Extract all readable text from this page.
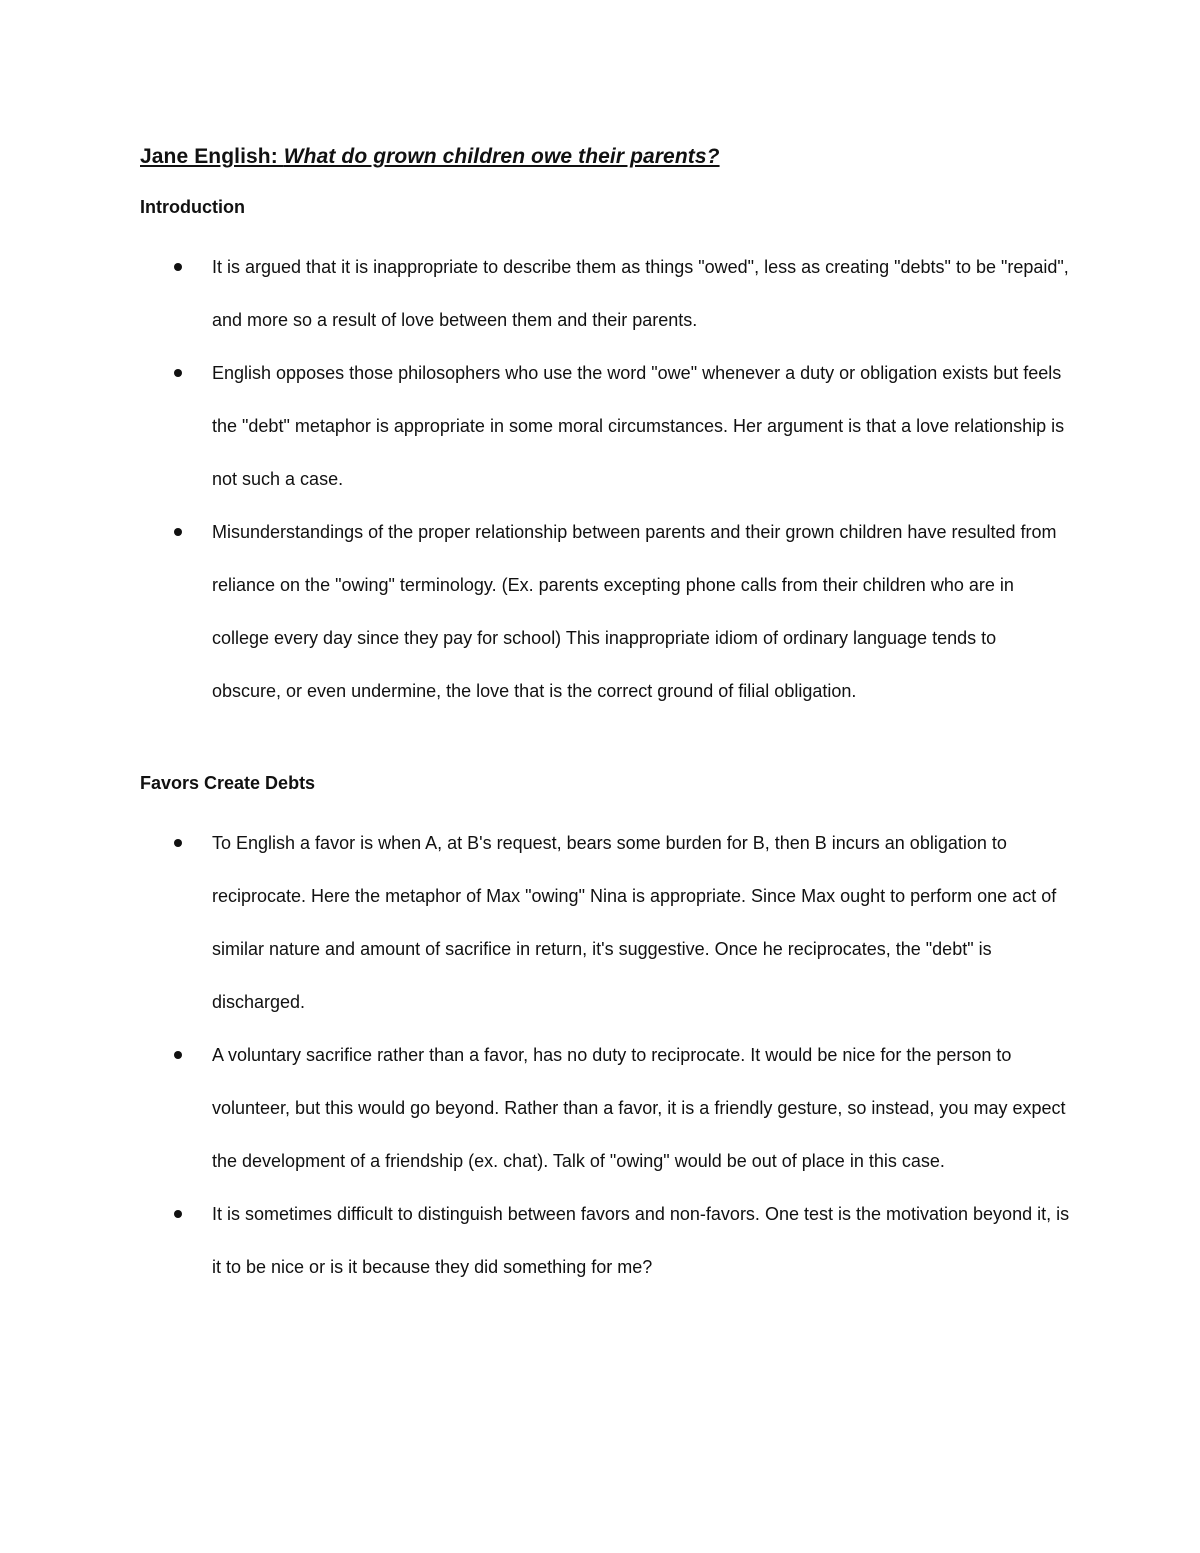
Jane English: What do grown children owe their parents?
Introduction
It is argued that it is inappropriate to describe them as things "owed", less as creating "debts" to be "repaid", and more so a result of love between them and their parents.
English opposes those philosophers who use the word "owe" whenever a duty or obligation exists but feels the "debt" metaphor is appropriate in some moral circumstances. Her argument is that a love relationship is not such a case.
Misunderstandings of the proper relationship between parents and their grown children have resulted from reliance on the "owing" terminology. (Ex. parents excepting phone calls from their children who are in college every day since they pay for school) This inappropriate idiom of ordinary language tends to obscure, or even undermine, the love that is the correct ground of filial obligation.
Favors Create Debts
To English a favor is when A, at B's request, bears some burden for B, then B incurs an obligation to reciprocate. Here the metaphor of Max "owing" Nina is appropriate. Since Max ought to perform one act of similar nature and amount of sacrifice in return, it's suggestive. Once he reciprocates, the "debt" is discharged.
A voluntary sacrifice rather than a favor, has no duty to reciprocate. It would be nice for the person to volunteer, but this would go beyond. Rather than a favor, it is a friendly gesture, so instead, you may expect the development of a friendship (ex. chat). Talk of "owing" would be out of place in this case.
It is sometimes difficult to distinguish between favors and non-favors. One test is the motivation beyond it, is it to be nice or is it because they did something for me?
